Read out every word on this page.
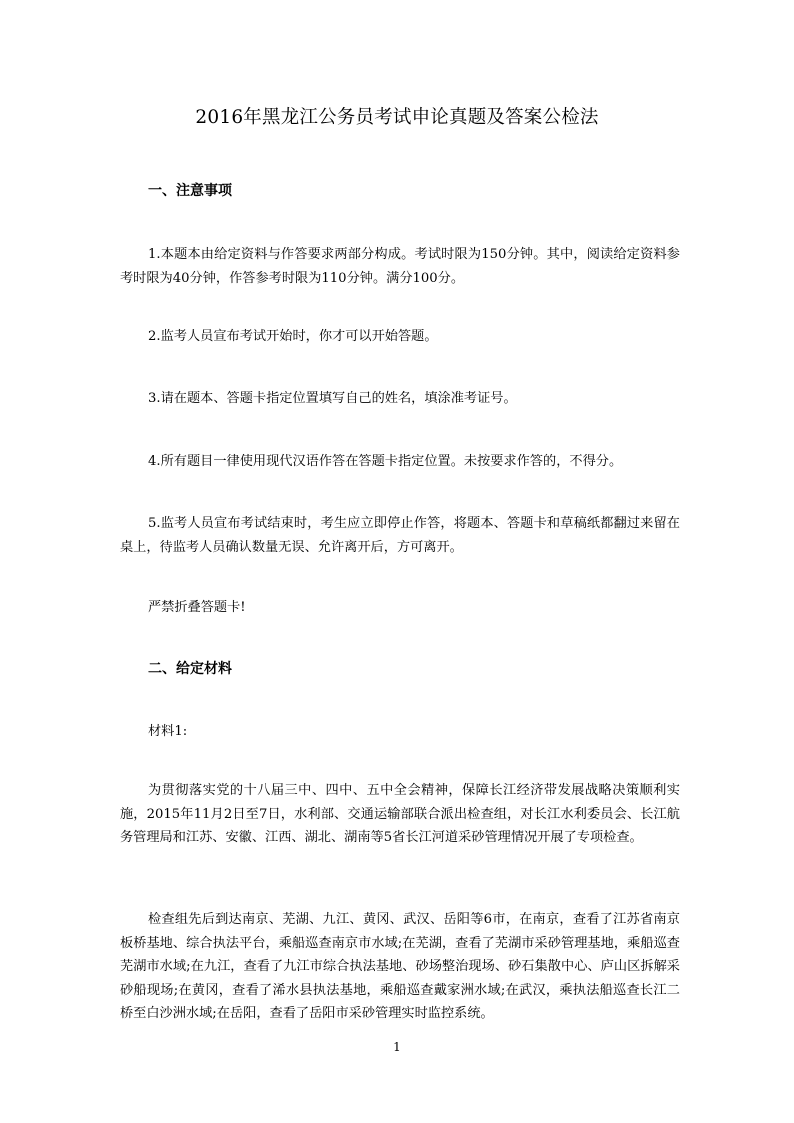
2016年黑龙江公务员考试申论真题及答案公检法
一、注意事项
1.本题本由给定资料与作答要求两部分构成。考试时限为150分钟。其中，阅读给定资料参考时限为40分钟，作答参考时限为110分钟。满分100分。
2.监考人员宣布考试开始时，你才可以开始答题。
3.请在题本、答题卡指定位置填写自己的姓名，填涂准考证号。
4.所有题目一律使用现代汉语作答在答题卡指定位置。未按要求作答的，不得分。
5.监考人员宣布考试结束时，考生应立即停止作答，将题本、答题卡和草稿纸都翻过来留在桌上，待监考人员确认数量无误、允许离开后，方可离开。
严禁折叠答题卡!
二、给定材料
材料1:
为贯彻落实党的十八届三中、四中、五中全会精神，保障长江经济带发展战略决策顺利实施，2015年11月2日至7日，水利部、交通运输部联合派出检查组，对长江水利委员会、长江航务管理局和江苏、安徽、江西、湖北、湖南等5省长江河道采砂管理情况开展了专项检查。
检查组先后到达南京、芜湖、九江、黄冈、武汉、岳阳等6市，在南京，查看了江苏省南京板桥基地、综合执法平台，乘船巡查南京市水域;在芜湖，查看了芜湖市采砂管理基地，乘船巡查芜湖市水域;在九江，查看了九江市综合执法基地、砂场整治现场、砂石集散中心、庐山区拆解采砂船现场;在黄冈，查看了浠水县执法基地，乘船巡查戴家洲水域;在武汉，乘执法船巡查长江二桥至白沙洲水域;在岳阳，查看了岳阳市采砂管理实时监控系统。
1
